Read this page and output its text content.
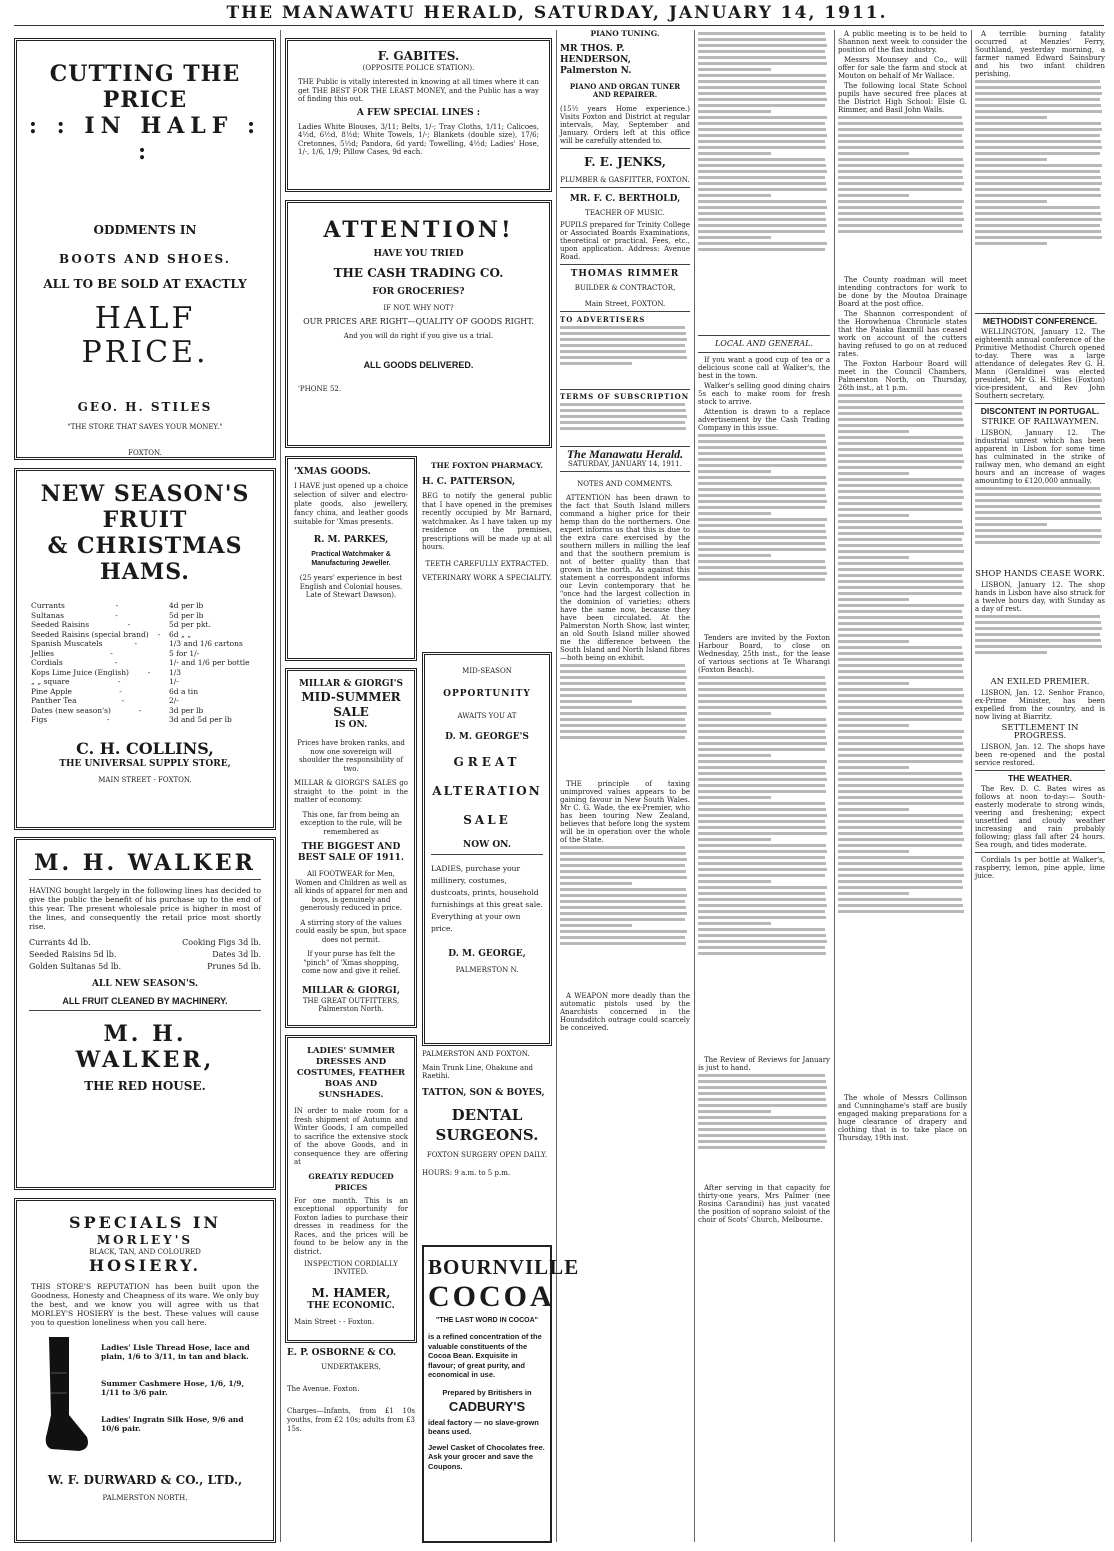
THE MANAWATU HERALD, SATURDAY, JANUARY 14, 1911.
CUTTING THE PRICE
: : IN HALF : :
ODDMENTS IN
BOOTS AND SHOES.
ALL TO BE SOLD AT EXACTLY
HALF PRICE.
GEO. H. STILES
"THE STORE THAT SAVES YOUR MONEY."
FOXTON.
NEW SEASON'S FRUIT
& CHRISTMAS HAMS.
Currants	-	4d per lb
Sultanas	-	5d per lb
Seeded Raisins	-	5d per pkt.
Seeded Raisins (special brand) - 6d „ „
Spanish Muscatels	-	1/3 and 1/6 cartons
Jellies	-	5 for 1/-
Cordials	-	1/- and 1/6 per bottle
Kops Lime Juice (English) - 1/3
„ „ square	-	1/-
Pine Apple	-	6d a tin
Panther Tea	-	2/-
Dates (new season's)	-	3d per lb
Figs	-	3d and 5d per lb
C. H. COLLINS,
THE UNIVERSAL SUPPLY STORE,
MAIN STREET - FOXTON.
M. H. WALKER
HAVING bought largely in the following lines has decided to give the public the benefit of his purchase up to the end of this year. The present wholesale price is higher in most of the lines, and consequently the retail price most shortly rise.
Currants 4d lb.	Cooking Figs 3d lb.
Seeded Raisins 5d lb.	Dates 3d lb.
Golden Sultanas 5d lb.	Prunes 5d lb.
ALL NEW SEASON'S.
ALL FRUIT CLEANED BY MACHINERY.
M. H. WALKER,
THE RED HOUSE.
SPECIALS IN
MORLEY'S
BLACK, TAN, AND COLOURED
HOSIERY.
THIS STORE'S REPUTATION has been built upon the Goodness, Honesty and Cheapness of its ware. We only buy the best, and we know you will agree with us that MORLEY'S HOSIERY is the best. These values will cause you to question loneliness when you call here.
Ladies' Lisle Thread Hose, lace and plain, 1/6 to 3/11, in tan and black.
Summer Cashmere Hose, 1/6, 1/9, 1/11 to 3/6 pair.
Ladies' Ingrain Silk Hose, 9/6 and 10/6 pair.
W. F. DURWARD & CO., LTD.,
PALMERSTON NORTH.
F. GABITES.
(OPPOSITE POLICE STATION).
THE Public is vitally interested in knowing at all times where it can get THE BEST FOR THE LEAST MONEY, and the Public has a way of finding this out.
A FEW SPECIAL LINES :
Ladies White Blouses, 3/11; Belts, 1/-; Tray Cloths, 1/11; Calicoes, 4½d, 6½d, 8½d; White Towels, 1/-; Blankets (double size), 17/6; Cretonnes, 5½d; Pandora, 6d yard; Towelling, 4½d; Ladies' Hose, 1/-, 1/6, 1/9; Pillow Cases, 9d each.
ATTENTION!
HAVE YOU TRIED
THE CASH TRADING CO.
FOR GROCERIES?
IF NOT. WHY NOT?
OUR PRICES ARE RIGHT—QUALITY OF GOODS RIGHT.
And you will do right if you give us a trial.
ALL GOODS DELIVERED.
'PHONE 52.
'XMAS GOODS.
I HAVE just opened up a choice selection of silver and electro-plate goods, also jewellery, fancy china, and leather goods suitable for 'Xmas presents.
R. M. PARKES,
Practical Watchmaker & Manufacturing Jeweller.
(25 years' experience in best English and Colonial houses. Late of Stewart Dawson).
THE FOXTON PHARMACY.
H. C. PATTERSON,
BEG to notify the general public that I have opened in the premises recently occupied by Mr Barnard, watchmaker. As I have taken up my residence on the premises, prescriptions will be made up at all hours.
TEETH CAREFULLY EXTRACTED.
VETERINARY WORK A SPECIALITY.
MILLAR & GIORGI'S
MID-SUMMER SALE
IS ON.
Prices have broken ranks, and now one sovereign will shoulder the responsibility of two.
MILLAR & GIORGI'S SALES go straight to the point in the matter of economy.
This one, far from being an exception to the rule, will be remembered as
THE BIGGEST AND
BEST SALE OF 1911.
All FOOTWEAR for Men, Women and Children as well as all kinds of apparel for men and boys, is genuinely and generously reduced in price.
A stirring story of the values could easily be spun, but space does not permit.
If your purse has felt the "pinch" of 'Xmas shopping, come now and give it relief.
MILLAR & GIORGI,
THE GREAT OUTFITTERS,
Palmerston North.
MID-SEASON
OPPORTUNITY
AWAITS YOU AT
D. M. GEORGE'S
GREAT
ALTERATION
SALE
NOW ON.
LADIES, purchase your millinery, costumes, dustcoats, prints, household furnishings at this great sale. Everything at your own price.
D. M. GEORGE,
PALMERSTON N.
LADIES' SUMMER DRESSES AND COSTUMES, FEATHER BOAS AND SUNSHADES.
IN order to make room for a fresh shipment of Autumn and Winter Goods, I am compelled to sacrifice the extensive stock of the above Goods, and in consequence they are offering at
GREATLY REDUCED PRICES
For one month. This is an exceptional opportunity for Foxton ladies to purchase their dresses in readiness for the Races, and the prices will be found to be below any in the district.
INSPECTION CORDIALLY INVITED.
M. HAMER,
THE ECONOMIC.
Main Street - - Foxton.
E. P. OSBORNE & CO.
UNDERTAKERS,
The Avenue. Foxton.
Charges—Infants, from £1 10s youths, from £2 10s; adults from £3 15s.
PALMERSTON AND FOXTON.
Main Trunk Line, Ohakune and Raetihi.
TATTON, SON & BOYES,
DENTAL SURGEONS.
FOXTON SURGERY OPEN DAILY.
HOURS: 9 a.m. to 5 p.m.
BOURNVILLE
COCOA
"THE LAST WORD IN COCOA"
is a refined concentration of the valuable constituents of the Cocoa Bean. Exquisite in flavour; of great purity, and economical in use.
Prepared by Britishers in
CADBURY'S
ideal factory — no slave-grown beans used.
Jewel Casket of Chocolates free. Ask your grocer and save the Coupons.
PIANO TUNING.
MR THOS. P. HENDERSON, Palmerston N.
PIANO AND ORGAN TUNER AND REPAIRER.
(15½ years Home experience.) Visits Foxton and District at regular intervals, May, September and January. Orders left at this office will be carefully attended to.
F. E. JENKS,
PLUMBER & GASFITTER, FOXTON.
MR. F. C. BERTHOLD,
TEACHER OF MUSIC.
PUPILS prepared for Trinity College or Associated Boards Examinations, theoretical or practical. Fees, etc., upon application. Address: Avenue Road.
THOMAS RIMMER
BUILDER & CONTRACTOR,
Main Street, FOXTON.
TO ADVERTISERS
TERMS OF SUBSCRIPTION
The Manawatu Herald.
SATURDAY, JANUARY 14, 1911.
NOTES AND COMMENTS.
ATTENTION has been drawn to the fact that South Island millers command a higher price for their hemp than do the northerners. One expert informs us that this is due to the extra care exercised by the southern millers in milling the leaf and that the southern premium is not of better quality than that grown in the north. As against this statement a correspondent informs our Levin contemporary that he "once had the largest collection in the dominion of varieties; others have the same now, because they have been circulated. At the Palmerston North Show, last winter, an old South Island miller showed me the difference between the South Island and North Island fibres—both being on exhibit.
THE principle of taxing unimproved values appears to be gaining favour in New South Wales. Mr C. G. Wade, the ex-Premier, who has been touring New Zealand, believes that before long the system will be in operation over the whole of the State.
A WEAPON more deadly than the automatic pistols used by the Anarchists concerned in the Houndsditch outrage could scarcely be conceived.
LOCAL AND GENERAL.
If you want a good cup of tea or a delicious scone call at Walker's, the best in the town.
Walker's selling good dining chairs 5s each to make room for fresh stock to arrive.
Attention is drawn to a replace advertisement by the Cash Trading Company in this issue.
Tenders are invited by the Foxton Harbour Board, to close on Wednesday, 25th inst., for the lease of various sections at Te Wharangi (Foxton Beach).
The Review of Reviews for January is just to hand.
After serving in that capacity for thirty-one years, Mrs Palmer (nee Rosina Carandini) has just vacated the position of soprano soloist of the choir of Scots' Church, Melbourne.
A public meeting is to be held to Shannon next week to consider the position of the flax industry.
Messrs Mounsey and Co., will offer for sale the farm and stock at Mouton on behalf of Mr Wallace.
The following local State School pupils have secured free places at the District High School: Elsie G. Rimmer, and Basil John Walls.
The County roadman will meet intending contractors for work to be done by the Moutoa Drainage Board at the post office.
The Shannon correspondent of the Horowhenua Chronicle states that the Paiaka flaxmill has ceased work on account of the cutters having refused to go on at reduced rates.
The Foxton Harbour Board will meet in the Council Chambers, Palmerston North, on Thursday, 26th inst., at 1 p.m.
The whole of Messrs Collinson and Cunninghame's staff are busily engaged making preparations for a huge clearance of drapery and clothing that is to take place on Thursday, 19th inst.
A terrible burning fatality occurred at Menzies' Ferry, Southland, yesterday morning, a farmer named Edward Sainsbury and his two infant children perishing.
METHODIST CONFERENCE.
WELLINGTON, January 12. The eighteenth annual conference of the Primitive Methodist Church opened to-day. There was a large attendance of delegates Rev G. H. Mann (Geraldine) was elected president, Mr G. H. Stiles (Foxton) vice-president, and Rev John Southern secretary.
DISCONTENT IN PORTUGAL.
STRIKE OF RAILWAYMEN.
LISBON, January 12. The industrial unrest which has been apparent in Lisbon for some time has culminated in the strike of railway men, who demand an eight hours and an increase of wages amounting to £120,000 annually.
SHOP HANDS CEASE WORK.
LISBON, January 12. The shop hands in Lisbon have also struck for a twelve hours day, with Sunday as a day of rest.
AN EXILED PREMIER.
LISBON, Jan. 12. Senhor Franco, ex-Prime Minister, has been expelled from the country, and is now living at Biarritz.
SETTLEMENT IN PROGRESS.
LISBON, Jan. 12. The shops have been re-opened and the postal service restored.
THE WEATHER.
The Rev. D. C. Bates wires as follows at noon to-day:— South-easterly moderate to strong winds, veering and freshening; expect unsettled and cloudy weather increasing and rain probably following; glass fall after 24 hours. Sea rough, and tides moderate.
Cordials 1s per bottle at Walker's, raspberry, lemon, pine apple, lime juice.
